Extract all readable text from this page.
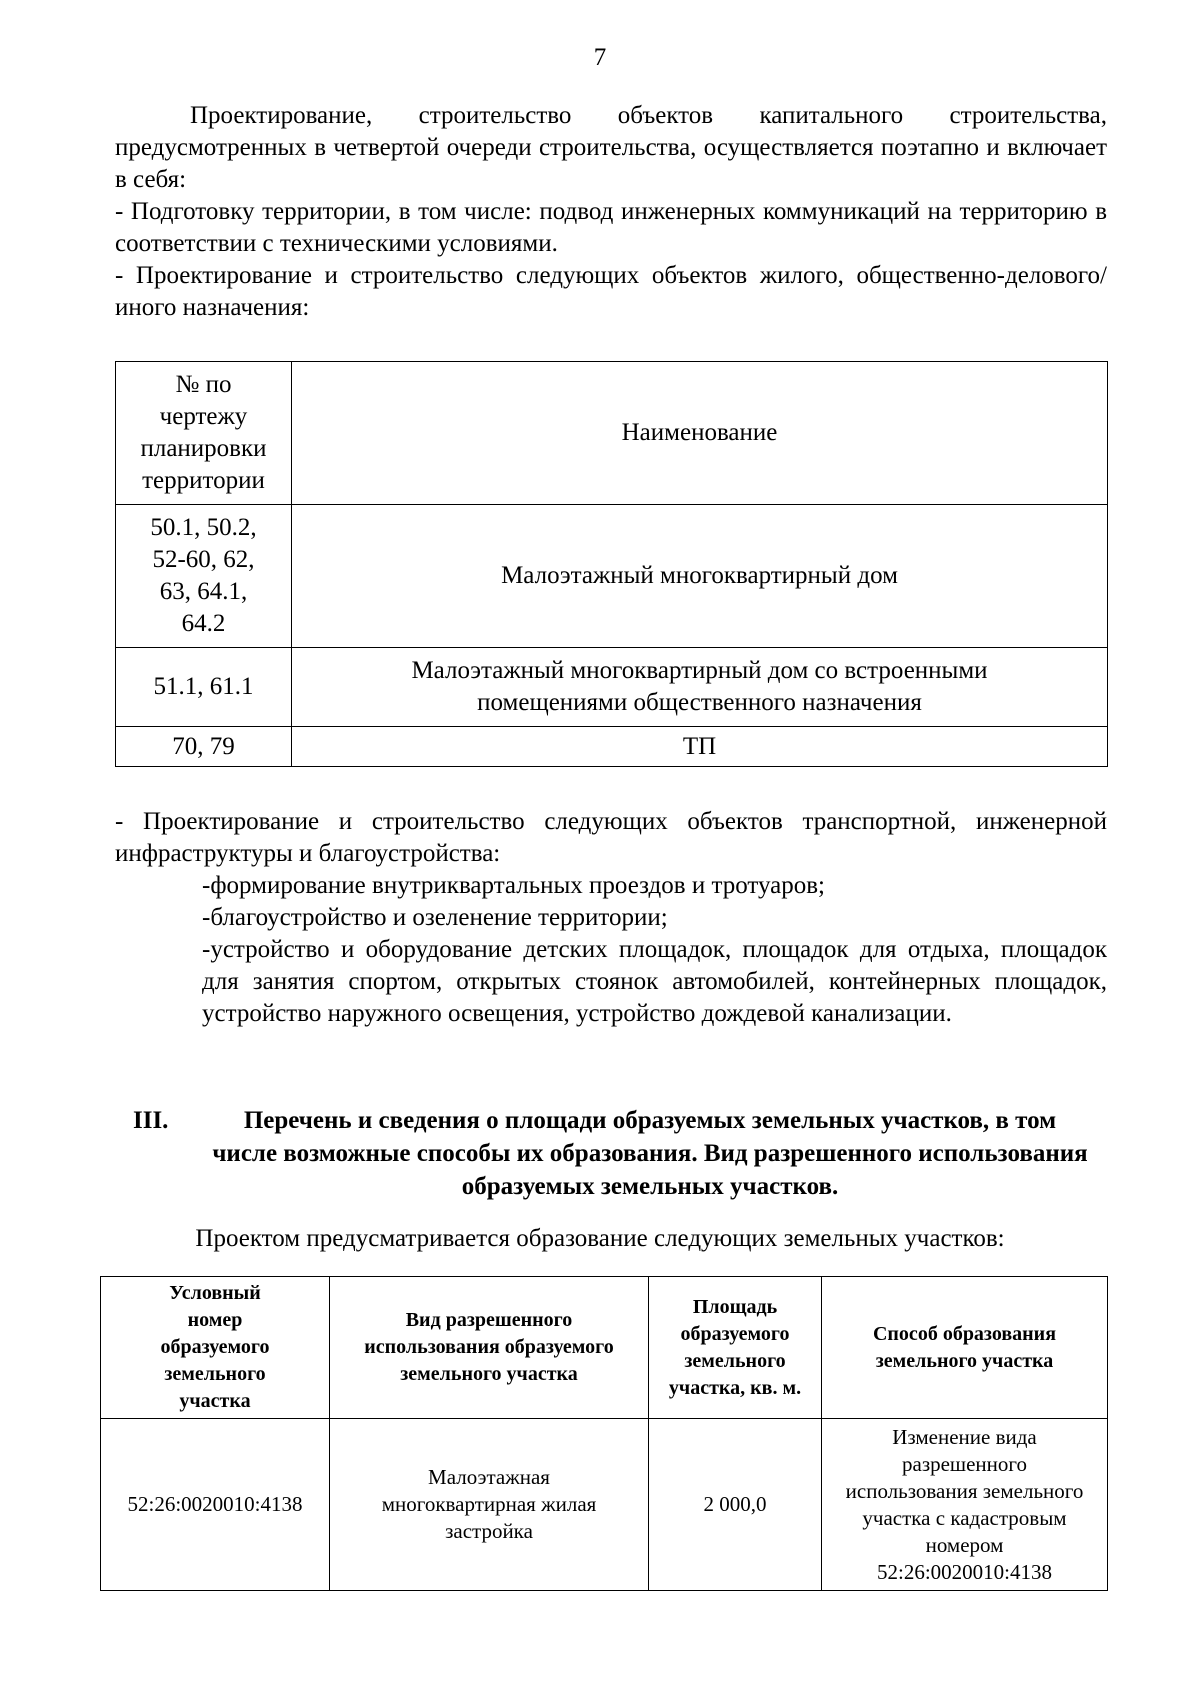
7

Проектирование, строительство объектов капитального строительства, предусмотренных в четвертой очереди строительства, осуществляется поэтапно и включает в себя:

- Подготовку территории, в том числе: подвод инженерных коммуникаций на территорию в соответствии с техническими условиями.

- Проектирование и строительство следующих объектов жилого, общественно-делового/иного назначения:

№ по чертежу планировки территории	Наименование

50.1, 50.2, 52-60, 62, 63, 64.1, 64.2	Малоэтажный многоквартирный дом
51.1, 61.1	Малоэтажный многоквартирный дом со встроенными помещениями общественного назначения

70, 79	ТП

- Проектирование и строительство следующих объектов транспортной, инженерной инфраструктуры и благоустройства:

-формирование внутриквартальных проездов и тротуаров;

-благоустройство и озеленение территории;

-устройство и оборудование детских площадок, площадок для отдыха, площадок для занятия спортом, открытых стоянок автомобилей, контейнерных площадок, устройство наружного освещения, устройство дождевой канализации.

III.	Перечень и сведения о площади образуемых земельных участков, в том числе возможные способы их образования. Вид разрешенного использования образуемых земельных участков.
Проектом предусматривается образование следующих земельных участков:
Условный номер образуемого земельного участка	Вид разрешенного использования образуемого земельного участка	Площадь образуемого земельного участка, кв. м.	Способ образования земельного участка

52:26:0020010:4138	Малоэтажная многоквартирная жилая застройка	2 000,0	Изменение вида разрешенного использования земельного участка с кадастровым номером 52:26:0020010:4138
